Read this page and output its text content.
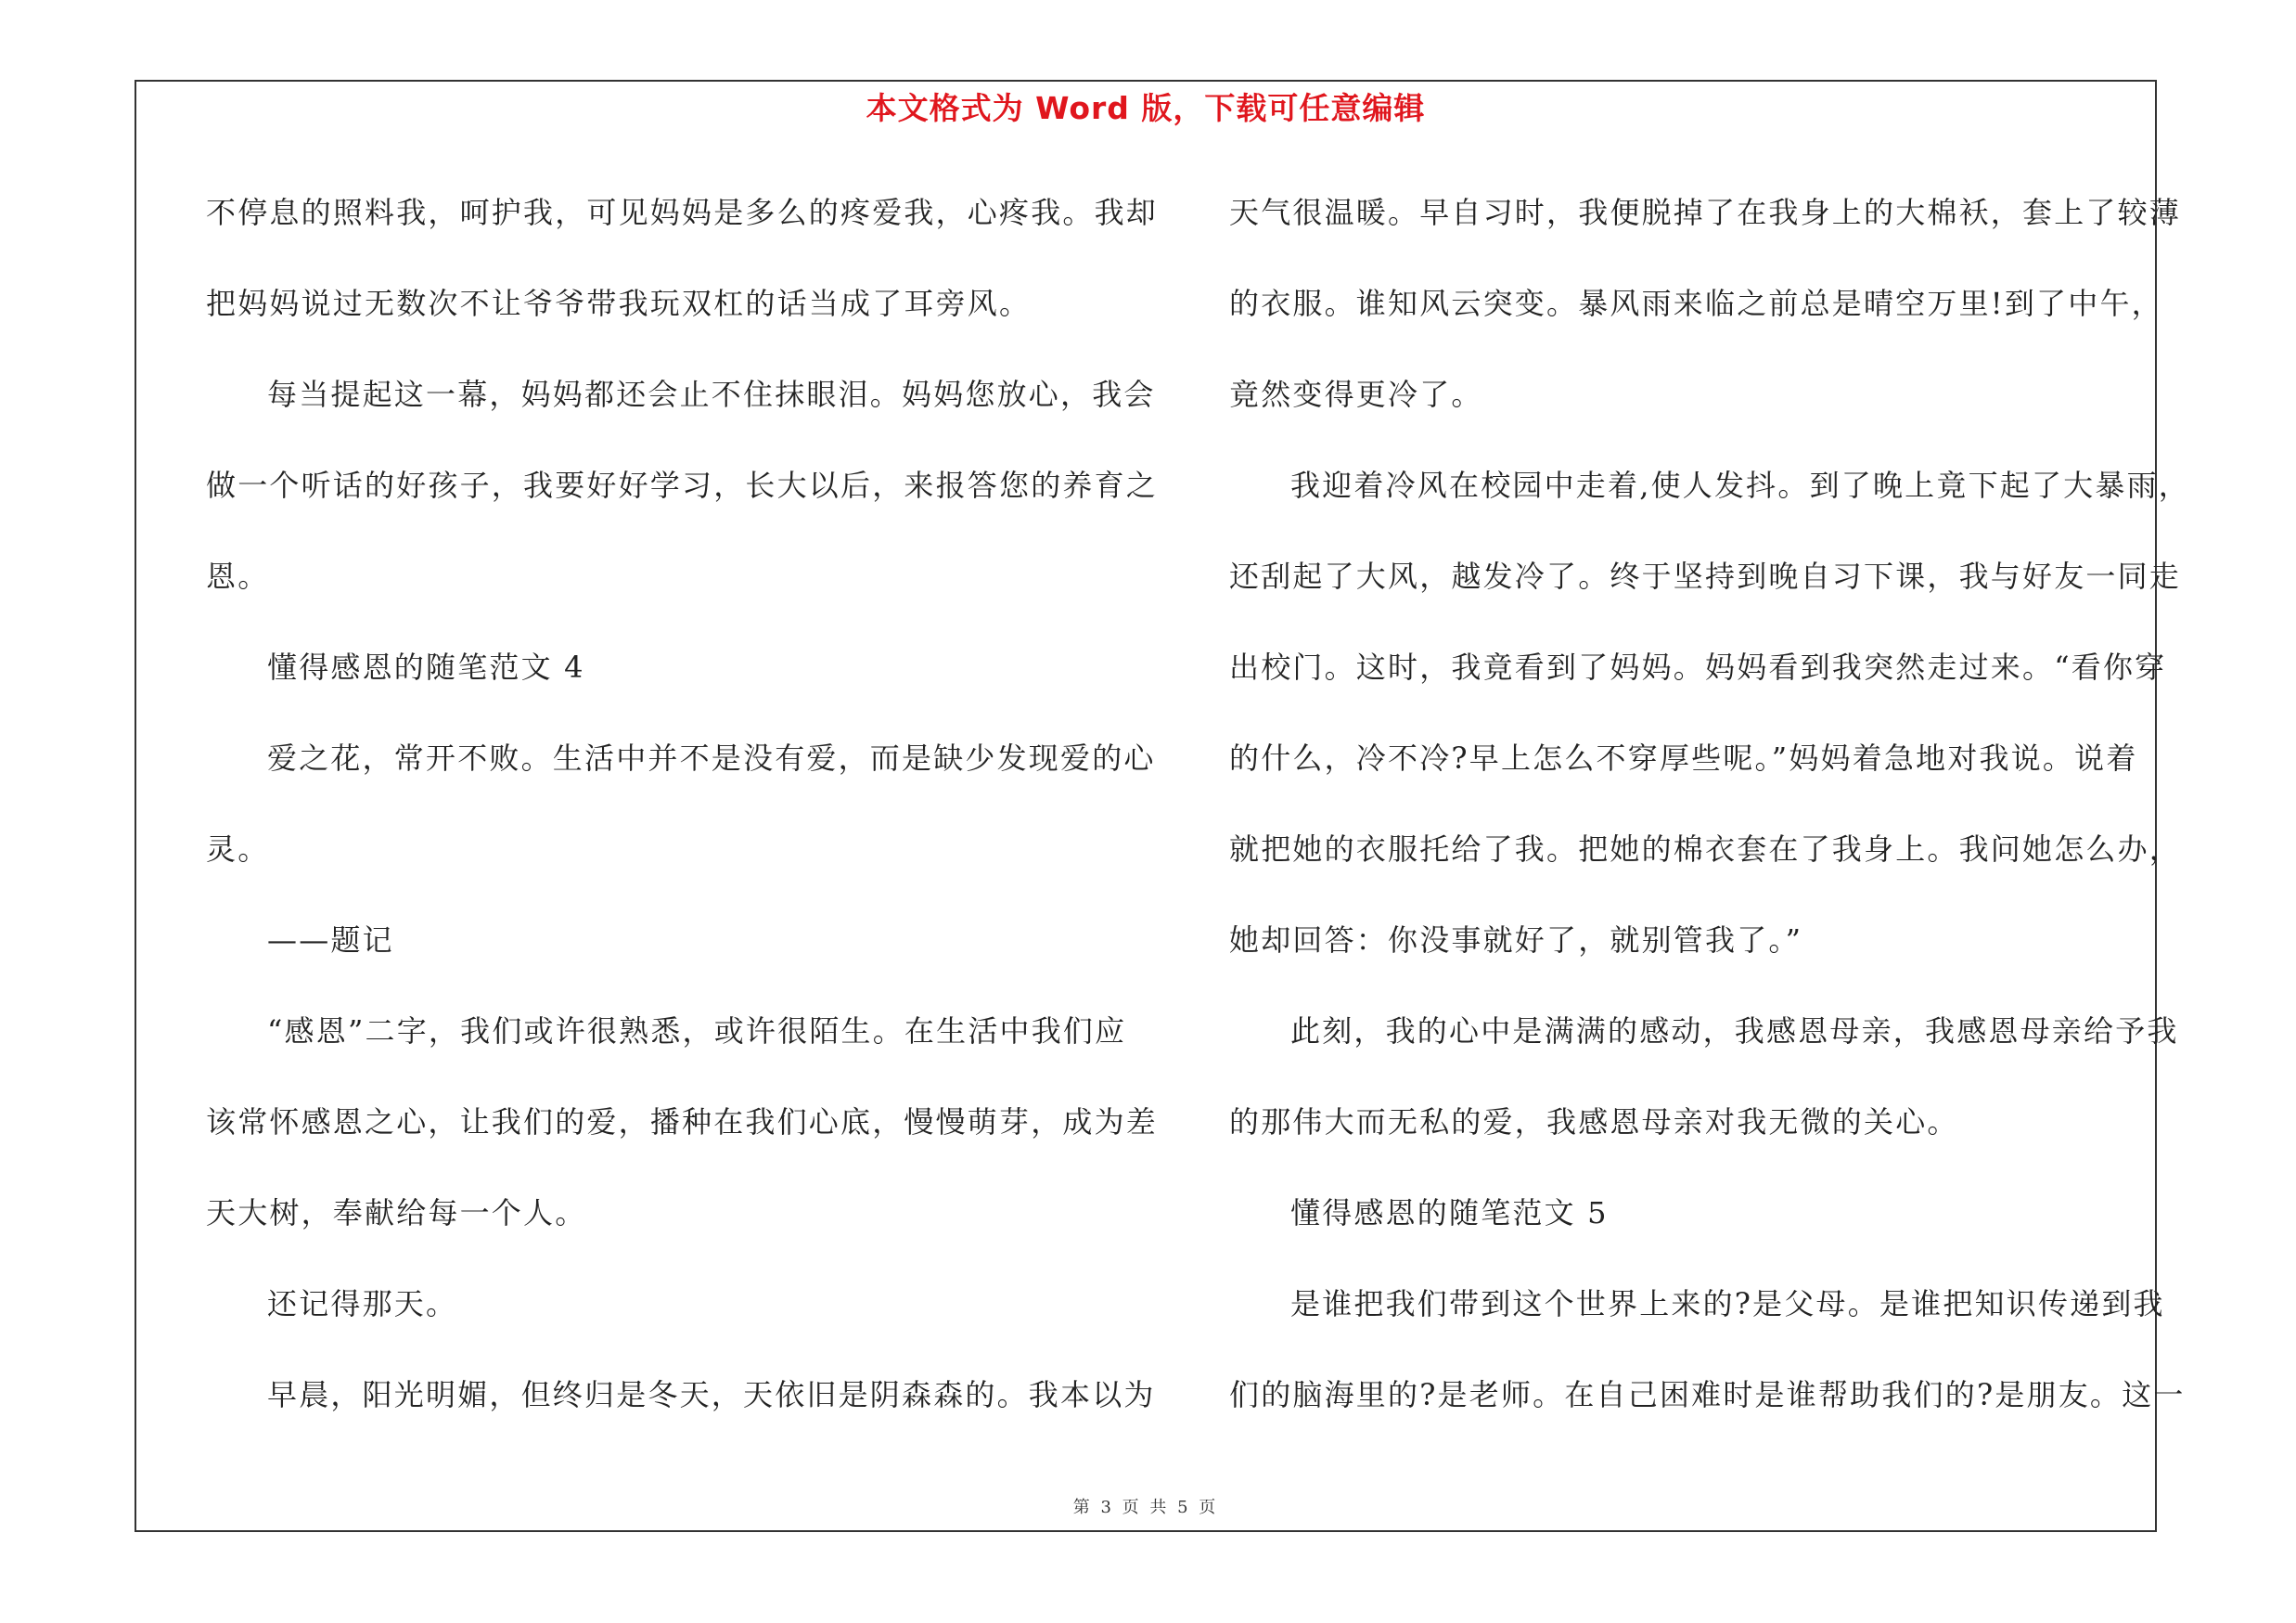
本文格式为 Word 版，下载可任意编辑
不停息的照料我，呵护我，可见妈妈是多么的疼爱我，心疼我。我却
把妈妈说过无数次不让爷爷带我玩双杠的话当成了耳旁风。
每当提起这一幕，妈妈都还会止不住抹眼泪。妈妈您放心，我会
做一个听话的好孩子，我要好好学习，长大以后，来报答您的养育之
恩。
懂得感恩的随笔范文 4
爱之花，常开不败。生活中并不是没有爱，而是缺少发现爱的心
灵。
——题记
“感恩”二字，我们或许很熟悉，或许很陌生。在生活中我们应
该常怀感恩之心，让我们的爱，播种在我们心底，慢慢萌芽，成为差
天大树，奉献给每一个人。
还记得那天。
早晨，阳光明媚，但终归是冬天，天依旧是阴森森的。我本以为
天气很温暖。早自习时，我便脱掉了在我身上的大棉袄，套上了较薄
的衣服。谁知风云突变。暴风雨来临之前总是晴空万里!到了中午，
竟然变得更冷了。
我迎着冷风在校园中走着,使人发抖。到了晚上竟下起了大暴雨，
还刮起了大风，越发冷了。终于坚持到晚自习下课，我与好友一同走
出校门。这时，我竟看到了妈妈。妈妈看到我突然走过来。“看你穿
的什么，冷不冷?早上怎么不穿厚些呢。”妈妈着急地对我说。说着
就把她的衣服托给了我。把她的棉衣套在了我身上。我问她怎么办，
她却回答：你没事就好了，就别管我了。”
此刻，我的心中是满满的感动，我感恩母亲，我感恩母亲给予我
的那伟大而无私的爱，我感恩母亲对我无微的关心。
懂得感恩的随笔范文 5
是谁把我们带到这个世界上来的?是父母。是谁把知识传递到我
们的脑海里的?是老师。在自己困难时是谁帮助我们的?是朋友。这一
第 3 页 共 5 页
